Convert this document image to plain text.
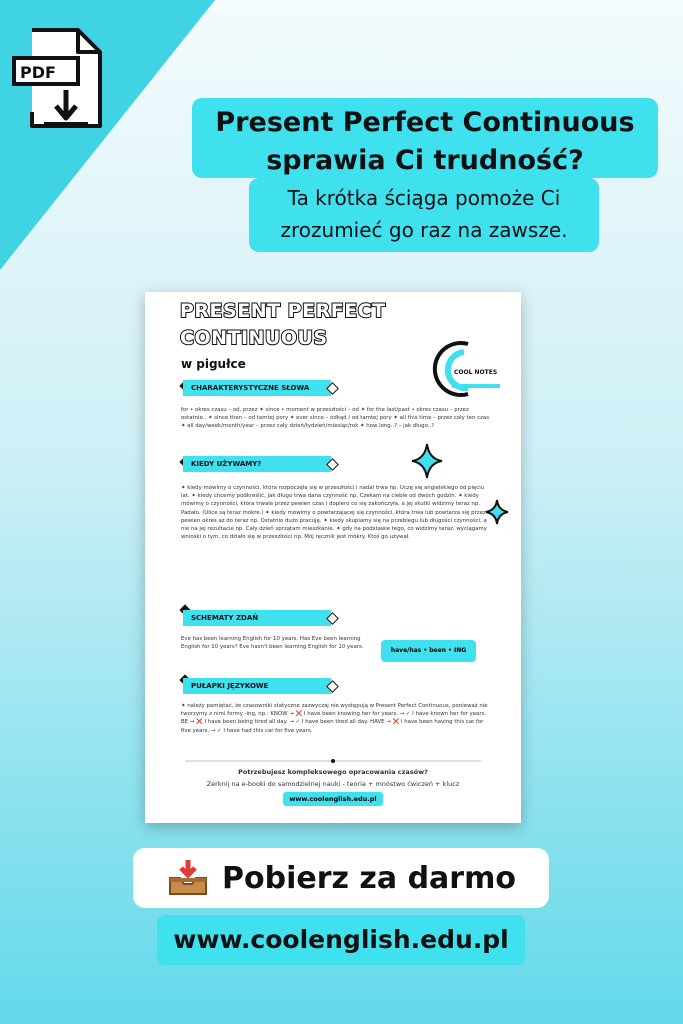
PDF
Present Perfect Continuous
sprawia Ci trudność?
Ta krótka ściąga pomoże Ci
zrozumieć go raz na zawsze.
PRESENT PERFECT
CONTINUOUS
w pigułce
COOL NOTES
CHARAKTERYSTYCZNE SŁOWA
for • okres czasu – od, przez ✦ since • moment w przeszłości – od ✦ for the last/past • okres czasu – przez ostatnie.. ✦ since then – od tamtej pory ✦ ever since – odkąd / od tamtej pory ✦ all this time – przez cały ten czas ✦ all day/week/month/year – przez cały dzień/tydzień/miesiąc/rok ✦ how long..? – jak długo..?
KIEDY UŻYWAMY?
✦ kiedy mówimy o czynności, która rozpoczęła się w przeszłości i nadal trwa np. Uczę się angielskiego od pięciu lat. ✦ kiedy chcemy podkreślić, jak długo trwa dana czynność np. Czekam na ciebie od dwóch godzin. ✦ kiedy mówimy o czynności, która trwała przez pewien czas i dopiero co się zakończyła, a jej skutki widzimy teraz np. Padało. (Ulice są teraz mokre.) ✦ kiedy mówimy o powtarzającej się czynności, która trwa lub powtarza się przez pewien okres aż do teraz np. Ostatnio dużo pracuję. ✦ kiedy skupiamy się na przebiegu lub długości czynności, a nie na jej rezultacie np. Cały dzień sprzątam mieszkanie. ✦ gdy na podstawie tego, co widzimy teraz, wyciągamy wnioski o tym, co działo się w przeszłości np. Mój ręcznik jest mokry. Ktoś go używał.
SCHEMATY ZDAŃ
Eve has been learning English for 10 years. Has Eve been learning English for 10 years? Eve hasn't been learning English for 10 years.	have/has • been • ING
PUŁAPKI JĘZYKOWE
✦ należy pamiętać, że czasowniki statyczne zazwyczaj nie występują w Present Perfect Continuous, ponieważ nie tworzymy z nimi formy -ing, np.: KNOW → ❌ I have been knowing her for years. → ✓ I have known her for years. BE → ❌ I have been being tired all day. → ✓ I have been tired all day. HAVE → ❌ I have been having this car for five years. → ✓ I have had this car for five years.
Potrzebujesz kompleksowego opracowania czasów?
Zerknij na e-booki do samodzielnej nauki - teoria + mnóstwo ćwiczeń + klucz
www.coolenglish.edu.pl
Pobierz za darmo
www.coolenglish.edu.pl
